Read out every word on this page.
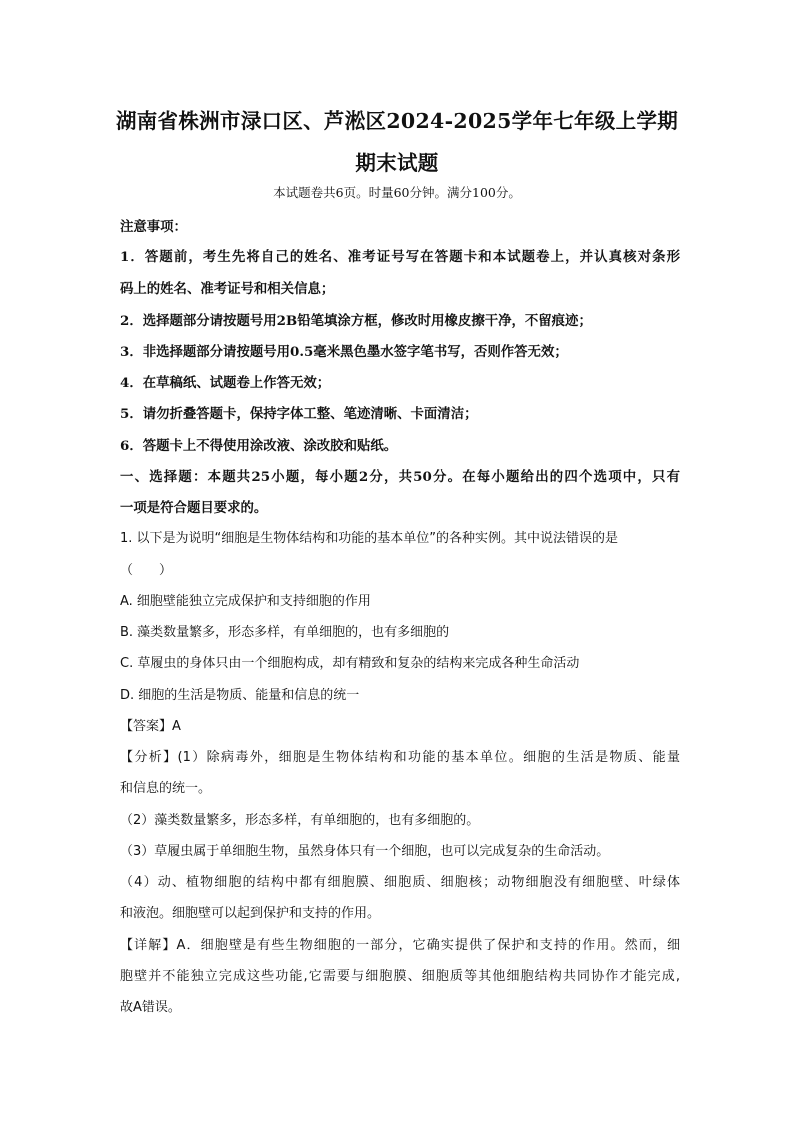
湖南省株洲市渌口区、芦淞区2024-2025学年七年级上学期
期末试题
本试题卷共6页。时量60分钟。满分100分。
注意事项：
1．答题前，考生先将自己的姓名、准考证号写在答题卡和本试题卷上，并认真核对条形
码上的姓名、准考证号和相关信息；
2．选择题部分请按题号用2B铅笔填涂方框，修改时用橡皮擦干净，不留痕迹；
3．非选择题部分请按题号用0.5毫米黑色墨水签字笔书写，否则作答无效；
4．在草稿纸、试题卷上作答无效；
5．请勿折叠答题卡，保持字体工整、笔迹清晰、卡面清洁；
6．答题卡上不得使用涂改液、涂改胶和贴纸。
一、选择题：本题共25小题，每小题2分，共50分。在每小题给出的四个选项中，只有
一项是符合题目要求的。
1. 以下是为说明“细胞是生物体结构和功能的基本单位”的各种实例。其中说法错误的是
（　　）
A. 细胞壁能独立完成保护和支持细胞的作用
B. 藻类数量繁多，形态多样，有单细胞的，也有多细胞的
C. 草履虫的身体只由一个细胞构成，却有精致和复杂的结构来完成各种生命活动
D. 细胞的生活是物质、能量和信息的统一
【答案】A
【分析】(1）除病毒外，细胞是生物体结构和功能的基本单位。细胞的生活是物质、能量
和信息的统一。
（2）藻类数量繁多，形态多样，有单细胞的，也有多细胞的。
（3）草履虫属于单细胞生物，虽然身体只有一个细胞，也可以完成复杂的生命活动。
（4）动、植物细胞的结构中都有细胞膜、细胞质、细胞核；动物细胞没有细胞壁、叶绿体
和液泡。细胞壁可以起到保护和支持的作用。
【详解】A．细胞壁是有些生物细胞的一部分，它确实提供了保护和支持的作用。然而，细
胞壁并不能独立完成这些功能,它需要与细胞膜、细胞质等其他细胞结构共同协作才能完成,
故A错误。
